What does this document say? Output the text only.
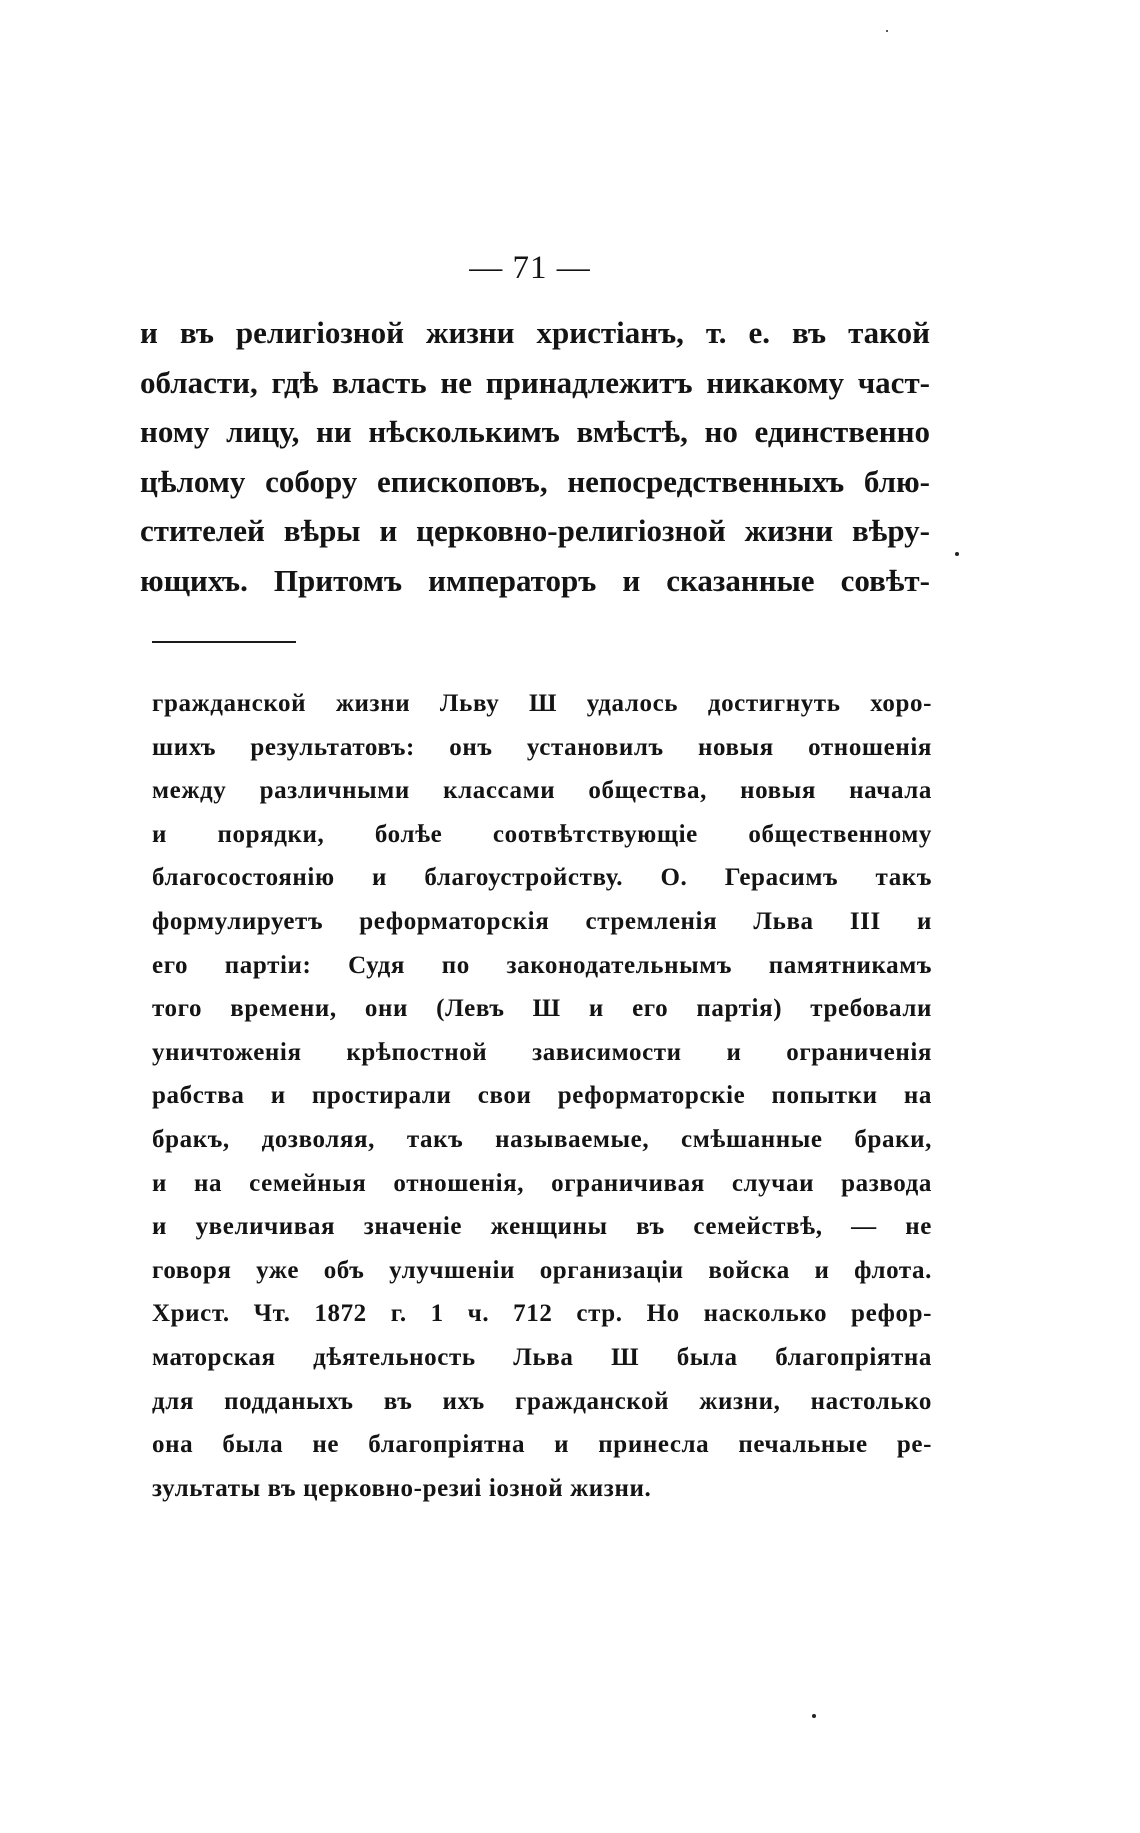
— 71 —
и въ религіозной жизни христіанъ, т. е. въ такой
области, гдѣ власть не принадлежитъ никакому част-
ному лицу, ни нѣсколькимъ вмѣстѣ, но единственно
цѣлому собору епископовъ, непосредственныхъ блю-
стителей вѣры и церковно-религіозной жизни вѣру-
ющихъ. Притомъ императоръ и сказанные совѣт-
гражданской жизни Льву Ш удалось достигнуть хоро-
шихъ результатовъ: онъ установилъ новыя отношенія
между различными классами общества, новыя начала
и порядки, болѣе соотвѣтствующіе общественному
благосостоянію и благоустройству. О. Герасимъ такъ
формулируетъ реформаторскія стремленія Льва III и
его партіи: Судя по законодательнымъ памятникамъ
того времени, они (Левъ Ш и его партія) требовали
уничтоженія крѣпостной зависимости и ограниченія
рабства и простирали свои реформаторскіе попытки на
бракъ, дозволяя, такъ называемые, смѣшанные браки,
и на семейныя отношенія, ограничивая случаи развода
и увеличивая значеніе женщины въ семействѣ, — не
говоря уже объ улучшеніи организаціи войска и флота.
Христ. Чт. 1872 г. 1 ч. 712 стр. Но насколько рефор-
маторская дѣятельность Льва Ш была благопріятна
для подданыхъ въ ихъ гражданской жизни, настолько
она была не благопріятна и принесла печальные ре-
зультаты въ церковно-резиі іозной жизни.
